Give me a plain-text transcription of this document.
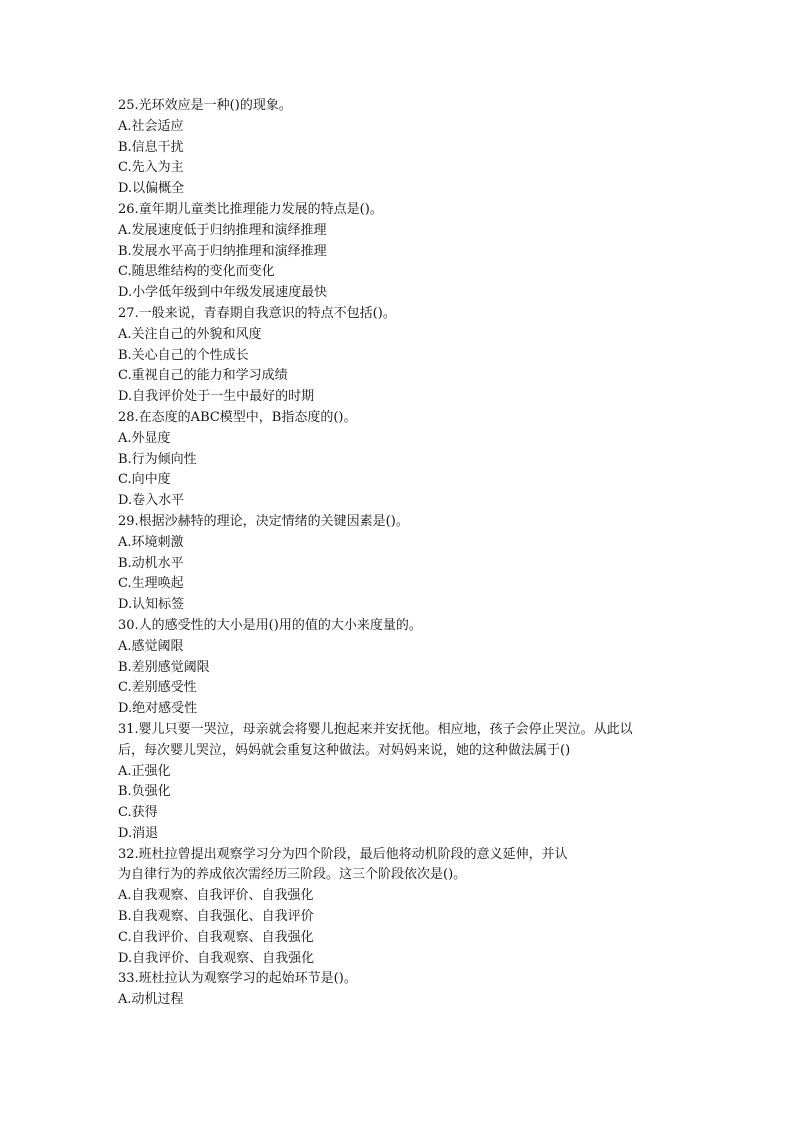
25.光环效应是一种()的现象。
A.社会适应
B.信息干扰
C.先入为主
D.以偏概全
26.童年期儿童类比推理能力发展的特点是()。
A.发展速度低于归纳推理和演绎推理
B.发展水平高于归纳推理和演绎推理
C.随思维结构的变化而变化
D.小学低年级到中年级发展速度最快
27.一般来说，青春期自我意识的特点不包括()。
A.关注自己的外貌和风度
B.关心自己的个性成长
C.重视自己的能力和学习成绩
D.自我评价处于一生中最好的时期
28.在态度的ABC模型中，B指态度的()。
A.外显度
B.行为倾向性
C.向中度
D.卷入水平
29.根据沙赫特的理论，决定情绪的关键因素是()。
A.环境刺激
B.动机水平
C.生理唤起
D.认知标签
30.人的感受性的大小是用()用的值的大小来度量的。
A.感觉阈限
B.差别感觉阈限
C.差别感受性
D.绝对感受性
31.婴儿只要一哭泣，母亲就会将婴儿抱起来并安抚他。相应地，孩子会停止哭泣。从此以
后，每次婴儿哭泣，妈妈就会重复这种做法。对妈妈来说，她的这种做法属于()
A.正强化
B.负强化
C.获得
D.消退
32.班杜拉曾提出观察学习分为四个阶段，最后他将动机阶段的意义延伸，并认
为自律行为的养成依次需经历三阶段。这三个阶段依次是()。
A.自我观察、自我评价、自我强化
B.自我观察、自我强化、自我评价
C.自我评价、自我观察、自我强化
D.自我评价、自我观察、自我强化
33.班杜拉认为观察学习的起始环节是()。
A.动机过程
